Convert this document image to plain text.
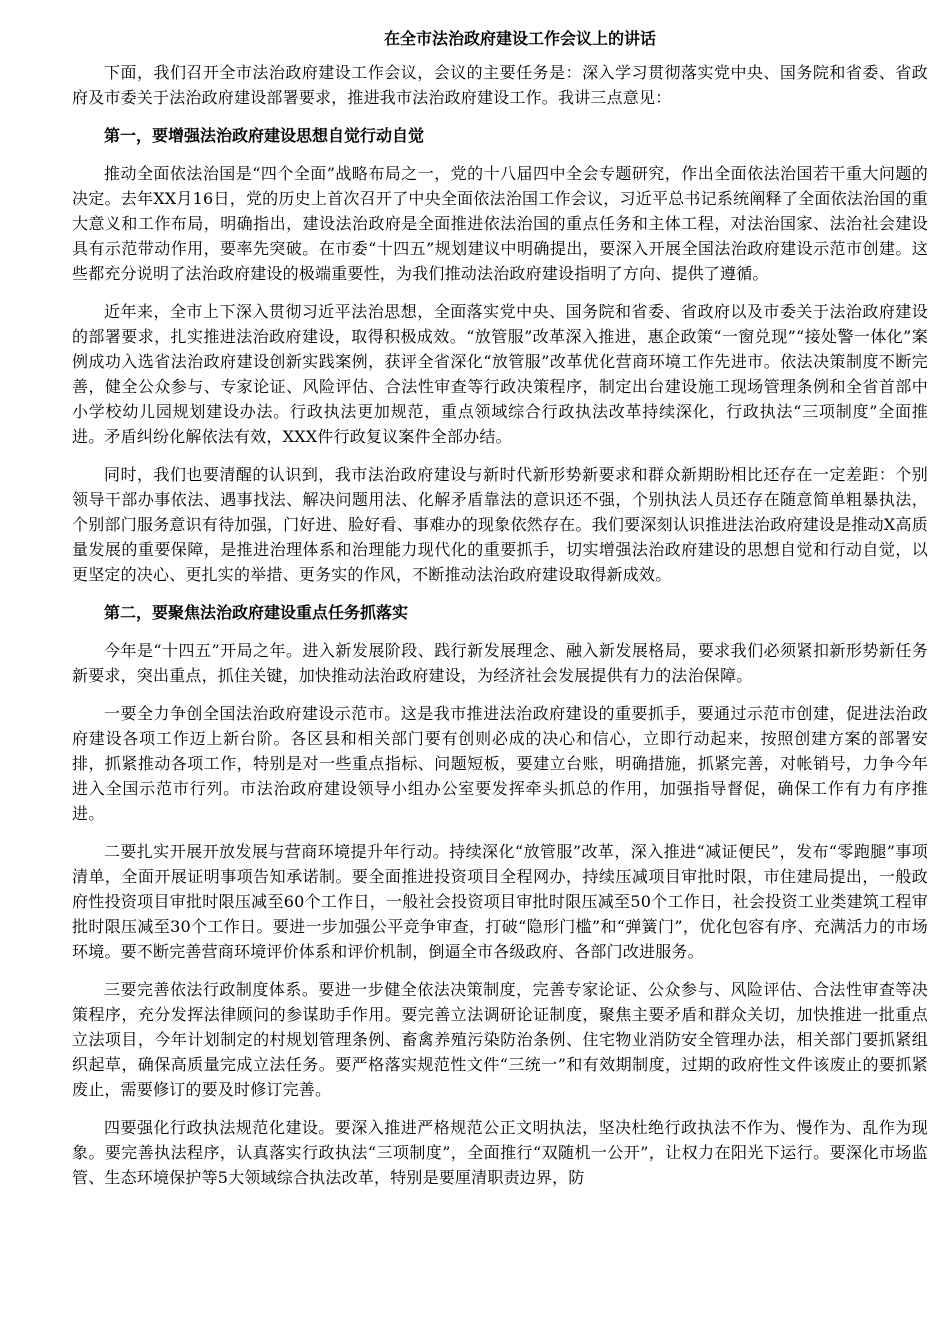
在全市法治政府建设工作会议上的讲话

下面，我们召开全市法治政府建设工作会议，会议的主要任务是：深入学习贯彻落实党中央、国务院和省委、省政府及市委关于法治政府建设部署要求，推进我市法治政府建设工作。我讲三点意见：

第一，要增强法治政府建设思想自觉行动自觉

推动全面依法治国是“四个全面”战略布局之一，党的十八届四中全会专题研究，作出全面依法治国若干重大问题的决定。去年XX月16日，党的历史上首次召开了中央全面依法治国工作会议，习近平总书记系统阐释了全面依法治国的重大意义和工作布局，明确指出，建设法治政府是全面推进依法治国的重点任务和主体工程，对法治国家、法治社会建设具有示范带动作用，要率先突破。在市委“十四五”规划建议中明确提出，要深入开展全国法治政府建设示范市创建。这些都充分说明了法治政府建设的极端重要性，为我们推动法治政府建设指明了方向、提供了遵循。

近年来，全市上下深入贯彻习近平法治思想，全面落实党中央、国务院和省委、省政府以及市委关于法治政府建设的部署要求，扎实推进法治政府建设，取得积极成效。“放管服”改革深入推进，惠企政策“一窗兑现”“接处警一体化”案例成功入选省法治政府建设创新实践案例，获评全省深化“放管服”改革优化营商环境工作先进市。依法决策制度不断完善，健全公众参与、专家论证、风险评估、合法性审查等行政决策程序，制定出台建设施工现场管理条例和全省首部中小学校幼儿园规划建设办法。行政执法更加规范，重点领域综合行政执法改革持续深化，行政执法“三项制度”全面推进。矛盾纠纷化解依法有效，XXX件行政复议案件全部办结。

同时，我们也要清醒的认识到，我市法治政府建设与新时代新形势新要求和群众新期盼相比还存在一定差距：个别领导干部办事依法、遇事找法、解决问题用法、化解矛盾靠法的意识还不强，个别执法人员还存在随意简单粗暴执法，个别部门服务意识有待加强，门好进、脸好看、事难办的现象依然存在。我们要深刻认识推进法治政府建设是推动X高质量发展的重要保障，是推进治理体系和治理能力现代化的重要抓手，切实增强法治政府建设的思想自觉和行动自觉，以更坚定的决心、更扎实的举措、更务实的作风，不断推动法治政府建设取得新成效。

第二，要聚焦法治政府建设重点任务抓落实

今年是“十四五”开局之年。进入新发展阶段、践行新发展理念、融入新发展格局，要求我们必须紧扣新形势新任务新要求，突出重点，抓住关键，加快推动法治政府建设，为经济社会发展提供有力的法治保障。

一要全力争创全国法治政府建设示范市。这是我市推进法治政府建设的重要抓手，要通过示范市创建，促进法治政府建设各项工作迈上新台阶。各区县和相关部门要有创则必成的决心和信心，立即行动起来，按照创建方案的部署安排，抓紧推动各项工作，特别是对一些重点指标、问题短板，要建立台账，明确措施，抓紧完善，对帐销号，力争今年进入全国示范市行列。市法治政府建设领导小组办公室要发挥牵头抓总的作用，加强指导督促，确保工作有力有序推进。

二要扎实开展开放发展与营商环境提升年行动。持续深化“放管服”改革，深入推进“减证便民”，发布“零跑腿”事项清单，全面开展证明事项告知承诺制。要全面推进投资项目全程网办，持续压减项目审批时限，市住建局提出，一般政府性投资项目审批时限压减至60个工作日，一般社会投资项目审批时限压减至50个工作日，社会投资工业类建筑工程审批时限压减至30个工作日。要进一步加强公平竞争审查，打破“隐形门槛”和“弹簧门”，优化包容有序、充满活力的市场环境。要不断完善营商环境评价体系和评价机制，倒逼全市各级政府、各部门改进服务。

三要完善依法行政制度体系。要进一步健全依法决策制度，完善专家论证、公众参与、风险评估、合法性审查等决策程序，充分发挥法律顾问的参谋助手作用。要完善立法调研论证制度，聚焦主要矛盾和群众关切，加快推进一批重点立法项目，今年计划制定的村规划管理条例、畜禽养殖污染防治条例、住宅物业消防安全管理办法，相关部门要抓紧组织起草，确保高质量完成立法任务。要严格落实规范性文件“三统一”和有效期制度，过期的政府性文件该废止的要抓紧废止，需要修订的要及时修订完善。

四要强化行政执法规范化建设。要深入推进严格规范公正文明执法，坚决杜绝行政执法不作为、慢作为、乱作为现象。要完善执法程序，认真落实行政执法“三项制度”，全面推行“双随机一公开”，让权力在阳光下运行。要深化市场监管、生态环境保护等5大领域综合执法改革，特别是要厘清职责边界，防
